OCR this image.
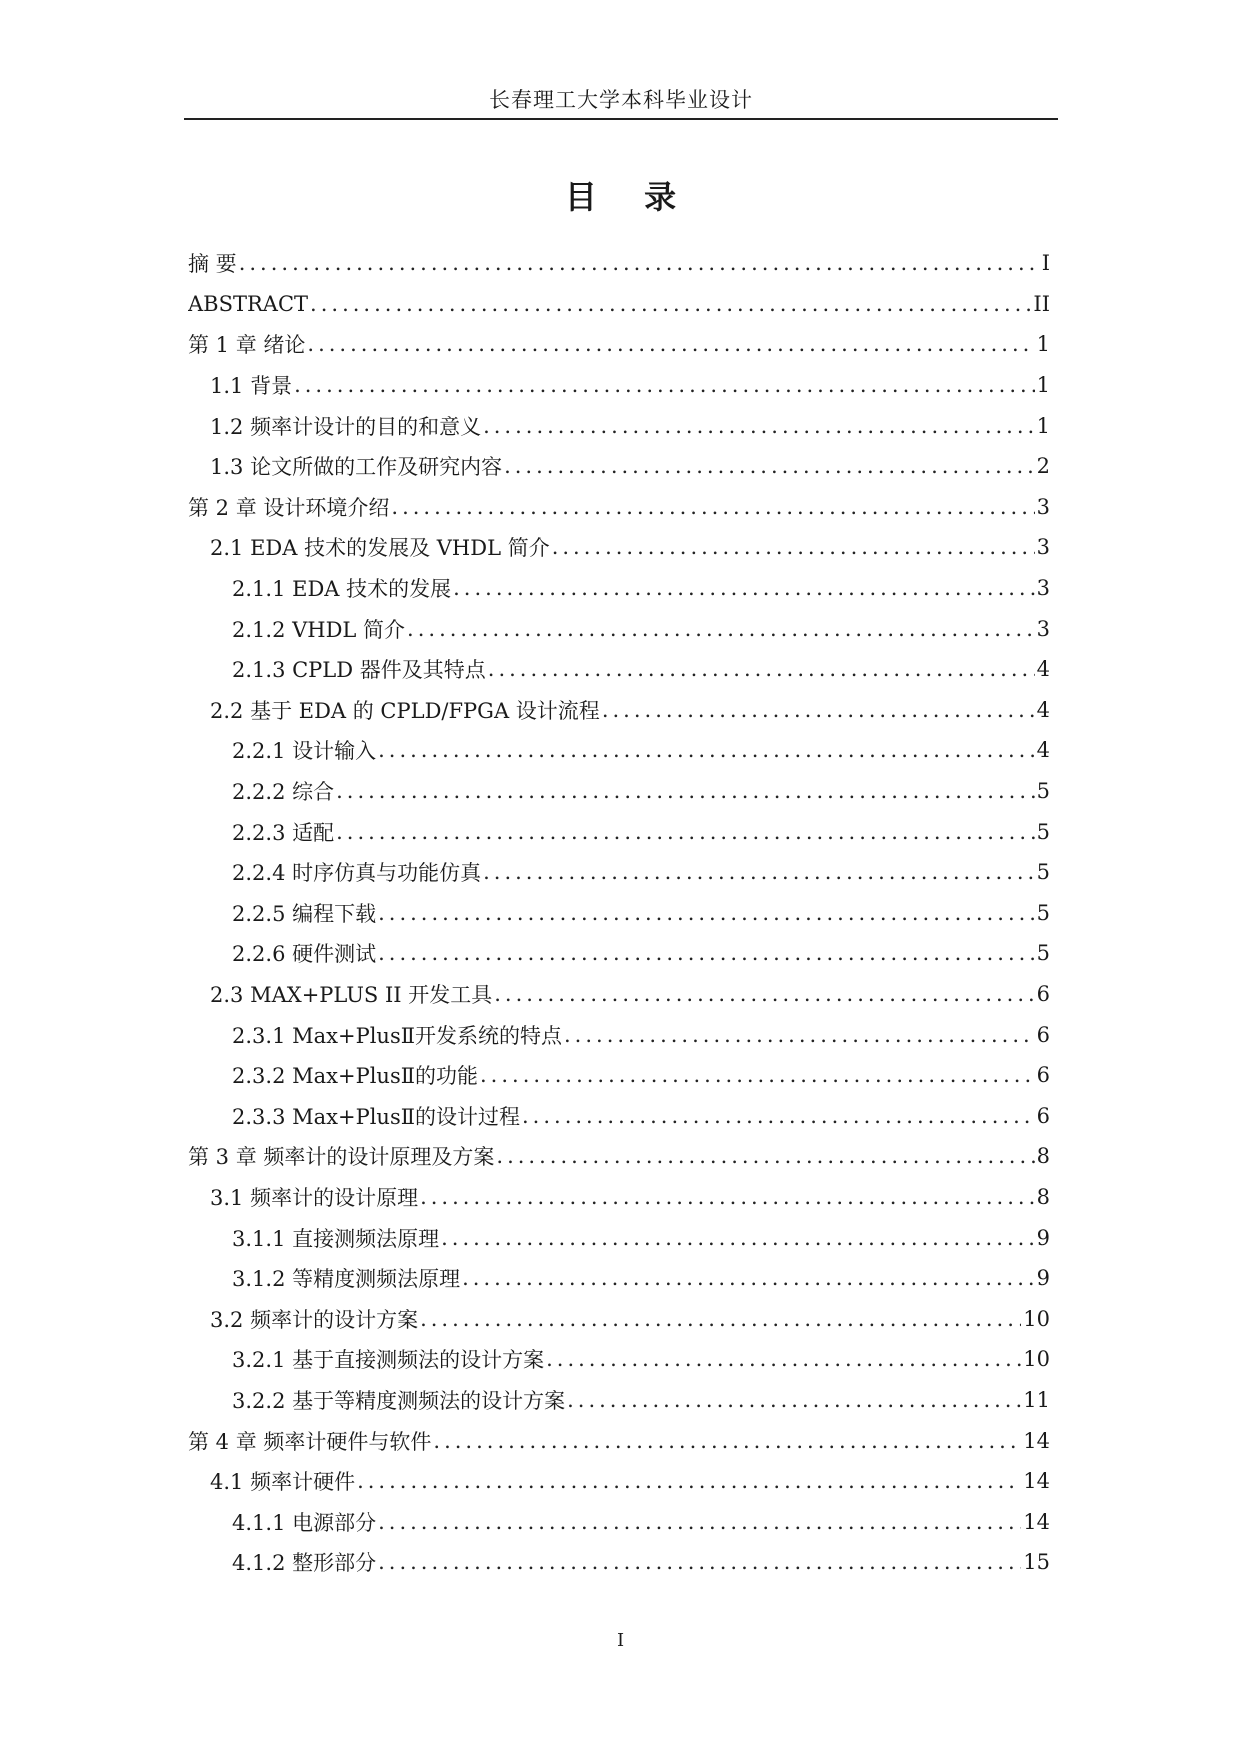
长春理工大学本科毕业设计
目 录
摘 要 .....	I
ABSTRACT .....	II
第 1 章 绪论 .....	1
1.1 背景 .....	1
1.2 频率计设计的目的和意义 .....	1
1.3 论文所做的工作及研究内容 .....	2
第 2 章 设计环境介绍 .....	3
2.1 EDA 技术的发展及 VHDL 简介 .....	3
2.1.1 EDA 技术的发展 .....	3
2.1.2 VHDL 简介 .....	3
2.1.3 CPLD 器件及其特点 .....	4
2.2 基于 EDA 的 CPLD/FPGA 设计流程 .....	4
2.2.1 设计输入 .....	4
2.2.2 综合 .....	5
2.2.3 适配 .....	5
2.2.4 时序仿真与功能仿真 .....	5
2.2.5 编程下载 .....	5
2.2.6 硬件测试 .....	5
2.3 MAX+PLUS II 开发工具 .....	6
2.3.1 Max+PlusⅡ开发系统的特点 .....	6
2.3.2 Max+PlusⅡ的功能 .....	6
2.3.3 Max+PlusⅡ的设计过程 .....	6
第 3 章 频率计的设计原理及方案 .....	8
3.1 频率计的设计原理 .....	8
3.1.1 直接测频法原理 .....	9
3.1.2 等精度测频法原理 .....	9
3.2 频率计的设计方案 .....	10
3.2.1 基于直接测频法的设计方案 .....	10
3.2.2 基于等精度测频法的设计方案 .....	11
第 4 章 频率计硬件与软件 .....	14
4.1 频率计硬件 .....	14
4.1.1 电源部分 .....	14
4.1.2 整形部分 .....	15
I
